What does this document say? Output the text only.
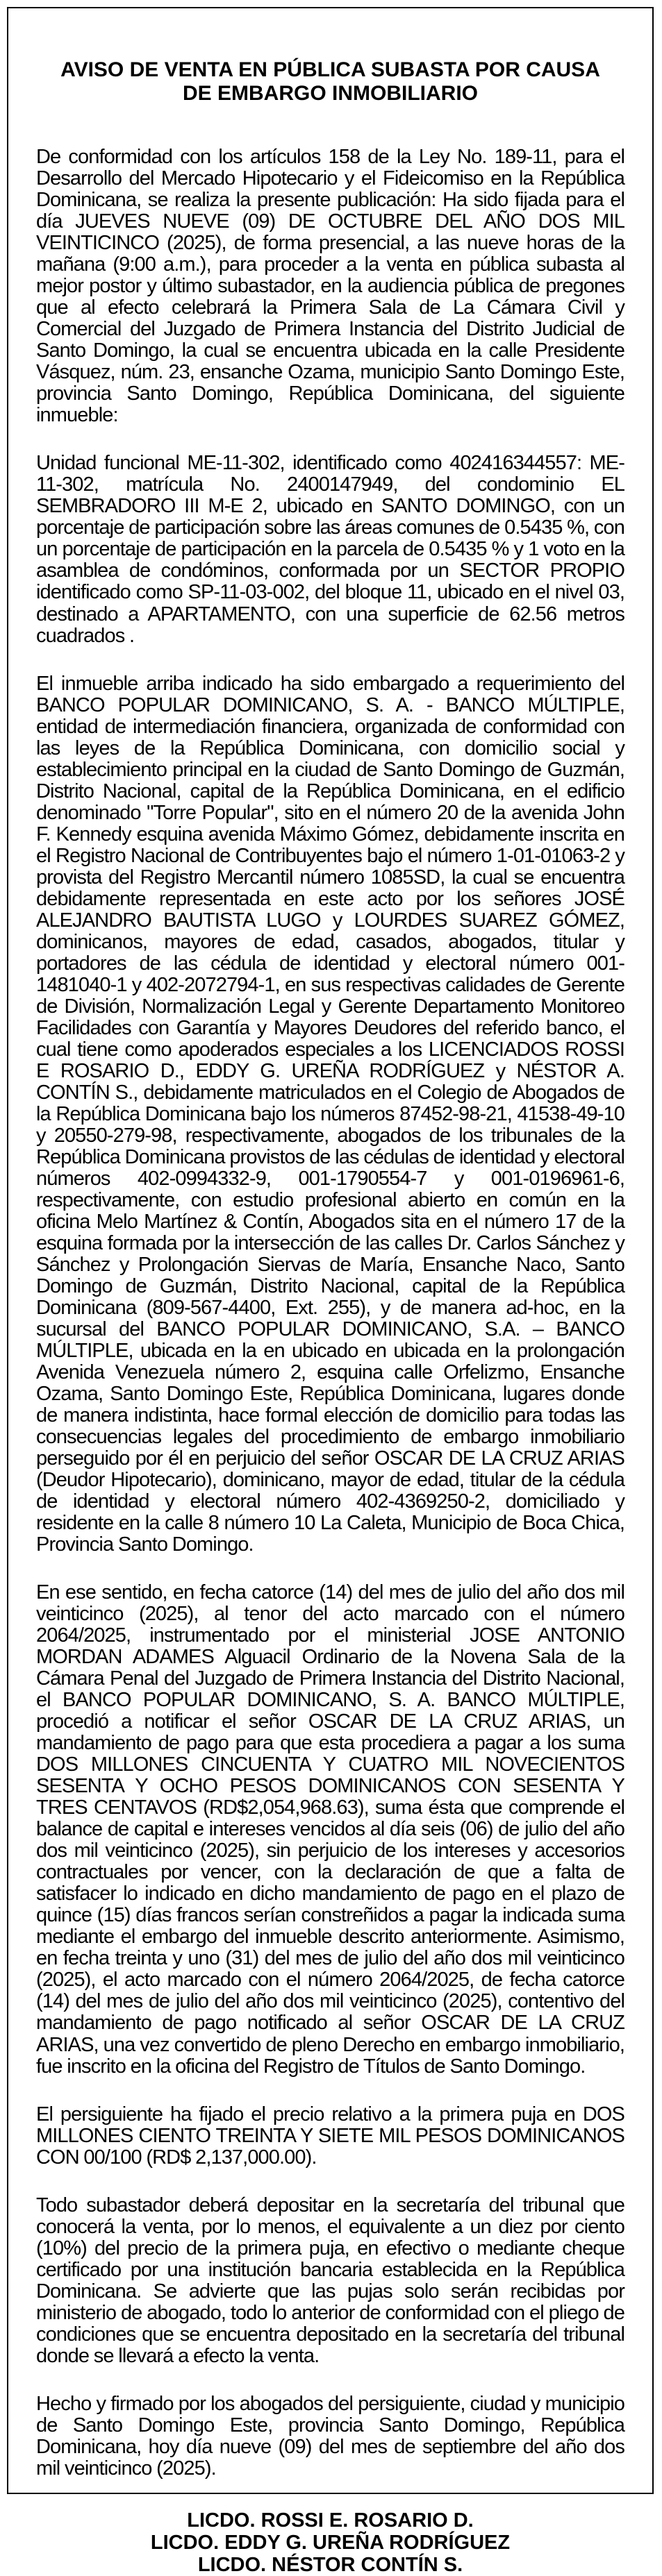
AVISO DE VENTA EN PÚBLICA SUBASTA POR CAUSA
DE EMBARGO INMOBILIARIO

De conformidad con los artículos 158 de la Ley No. 189-11, para el Desarrollo del Mercado Hipotecario y el Fideicomiso en la República Dominicana, se realiza la presente publicación: Ha sido fijada para el día JUEVES NUEVE (09) DE OCTUBRE DEL AÑO DOS MIL VEINTICINCO (2025), de forma presencial, a las nueve horas de la mañana (9:00 a.m.), para proceder a la venta en pública subasta al mejor postor y último subastador, en la audiencia pública de pregones que al efecto celebrará la Primera Sala de La Cámara Civil y Comercial del Juzgado de Primera Instancia del Distrito Judicial de Santo Domingo, la cual se encuentra ubicada en la calle Presidente Vásquez, núm. 23, ensanche Ozama, municipio Santo Domingo Este, provincia Santo Domingo, República Dominicana, del siguiente inmueble:

Unidad funcional ME-11-302, identificado como 402416344557: ME-11-302, matrícula No. 2400147949, del condominio EL SEMBRADORO III M-E 2, ubicado en SANTO DOMINGO, con un porcentaje de participación sobre las áreas comunes de 0.5435 %, con un porcentaje de participación en la parcela de 0.5435 % y 1 voto en la asamblea de condóminos, conformada por un SECTOR PROPIO identificado como SP-11-03-002, del bloque 11, ubicado en el nivel 03, destinado a APARTAMENTO, con una superficie de 62.56 metros cuadrados .

El inmueble arriba indicado ha sido embargado a requerimiento del BANCO POPULAR DOMINICANO, S. A. - BANCO MÚLTIPLE, entidad de intermediación financiera, organizada de conformidad con las leyes de la República Dominicana, con domicilio social y establecimiento principal en la ciudad de Santo Domingo de Guzmán, Distrito Nacional, capital de la República Dominicana, en el edificio denominado "Torre Popular", sito en el número 20 de la avenida John F. Kennedy esquina avenida Máximo Gómez, debidamente inscrita en el Registro Nacional de Contribuyentes bajo el número 1-01-01063-2 y provista del Registro Mercantil número 1085SD, la cual se encuentra debidamente representada en este acto por los señores JOSÉ ALEJANDRO BAUTISTA LUGO y LOURDES SUAREZ GÓMEZ, dominicanos, mayores de edad, casados, abogados, titular y portadores de las cédula de identidad y electoral número 001-1481040-1 y 402-2072794-1, en sus respectivas calidades de Gerente de División, Normalización Legal y Gerente Departamento Monitoreo Facilidades con Garantía y Mayores Deudores del referido banco, el cual tiene como apoderados especiales a los LICENCIADOS ROSSI E ROSARIO D., EDDY G. UREÑA RODRÍGUEZ y NÉSTOR A. CONTÍN S., debidamente matriculados en el Colegio de Abogados de la República Dominicana bajo los números 87452-98-21, 41538-49-10 y 20550-279-98, respectivamente, abogados de los tribunales de la República Dominicana provistos de las cédulas de identidad y electoral números 402-0994332-9, 001-1790554-7 y 001-0196961-6, respectivamente, con estudio profesional abierto en común en la oficina Melo Martínez & Contín, Abogados sita en el número 17 de la esquina formada por la intersección de las calles Dr. Carlos Sánchez y Sánchez y Prolongación Siervas de María, Ensanche Naco, Santo Domingo de Guzmán, Distrito Nacional, capital de la República Dominicana (809-567-4400, Ext. 255), y de manera ad-hoc, en la sucursal del BANCO POPULAR DOMINICANO, S.A. – BANCO MÚLTIPLE, ubicada en la en ubicado en ubicada en la prolongación Avenida Venezuela número 2, esquina calle Orfelizmo, Ensanche Ozama, Santo Domingo Este, República Dominicana, lugares donde de manera indistinta, hace formal elección de domicilio para todas las consecuencias legales del procedimiento de embargo inmobiliario perseguido por él en perjuicio del señor OSCAR DE LA CRUZ ARIAS (Deudor Hipotecario), dominicano, mayor de edad, titular de la cédula de identidad y electoral número 402-4369250-2, domiciliado y residente en la calle 8 número 10 La Caleta, Municipio de Boca Chica, Provincia Santo Domingo.

En ese sentido, en fecha catorce (14) del mes de julio del año dos mil veinticinco (2025), al tenor del acto marcado con el número 2064/2025, instrumentado por el ministerial JOSE ANTONIO MORDAN ADAMES Alguacil Ordinario de la Novena Sala de la Cámara Penal del Juzgado de Primera Instancia del Distrito Nacional, el BANCO POPULAR DOMINICANO, S. A. BANCO MÚLTIPLE, procedió a notificar el señor OSCAR DE LA CRUZ ARIAS, un mandamiento de pago para que esta procediera a pagar a los suma DOS MILLONES CINCUENTA Y CUATRO MIL NOVECIENTOS SESENTA Y OCHO PESOS DOMINICANOS CON SESENTA Y TRES CENTAVOS (RD$2,054,968.63), suma ésta que comprende el balance de capital e intereses vencidos al día seis (06) de julio del año dos mil veinticinco (2025), sin perjuicio de los intereses y accesorios contractuales por vencer, con la declaración de que a falta de satisfacer lo indicado en dicho mandamiento de pago en el plazo de quince (15) días francos serían constreñidos a pagar la indicada suma mediante el embargo del inmueble descrito anteriormente. Asimismo, en fecha treinta y uno (31) del mes de julio del año dos mil veinticinco (2025), el acto marcado con el número 2064/2025, de fecha catorce (14) del mes de julio del año dos mil veinticinco (2025), contentivo del mandamiento de pago notificado al señor OSCAR DE LA CRUZ ARIAS, una vez convertido de pleno Derecho en embargo inmobiliario, fue inscrito en la oficina del Registro de Títulos de Santo Domingo.

El persiguiente ha fijado el precio relativo a la primera puja en DOS MILLONES CIENTO TREINTA Y SIETE MIL PESOS DOMINICANOS CON 00/100 (RD$ 2,137,000.00).

Todo subastador deberá depositar en la secretaría del tribunal que conocerá la venta, por lo menos, el equivalente a un diez por ciento (10%) del precio de la primera puja, en efectivo o mediante cheque certificado por una institución bancaria establecida en la República Dominicana. Se advierte que las pujas solo serán recibidas por ministerio de abogado, todo lo anterior de conformidad con el pliego de condiciones que se encuentra depositado en la secretaría del tribunal donde se llevará a efecto la venta.

Hecho y firmado por los abogados del persiguiente, ciudad y municipio de Santo Domingo Este, provincia Santo Domingo, República Dominicana, hoy día nueve (09) del mes de septiembre del año dos mil veinticinco (2025).

LICDO. ROSSI E. ROSARIO D.
LICDO. EDDY G. UREÑA RODRÍGUEZ
LICDO. NÉSTOR CONTÍN S.
